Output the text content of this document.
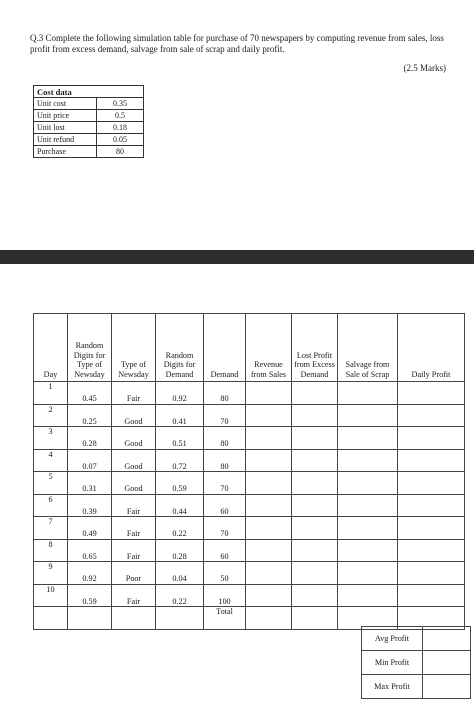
Q.3 Complete the following simulation table for purchase of 70 newspapers by computing revenue from sales, loss profit from excess demand, salvage from sale of scrap and daily profit.
(2.5 Marks)
Cost data	
Unit cost	0.35
Unit price	0.5
Unit lost	0.18
Unit refund	0.05
Purchase	80
Day	Random Digits for Type of Newsday	Type of Newsday	Random Digits for Demand	Demand	Revenue from Sales	Lost Profit from Excess Demand	Salvage from Sale of Scrap	Daily Profit
1	0.45	Fair	0.92	80				
2	0.25	Good	0.41	70				
3	0.28	Good	0.51	80				
4	0.07	Good	0.72	80				
5	0.31	Good	0.59	70				
6	0.39	Fair	0.44	60				
7	0.49	Fair	0.22	70				
8	0.65	Fair	0.28	60				
9	0.92	Poor	0.04	50				
10	0.59	Fair	0.22	100				
				Total				
Avg Profit	
Min Profit	
Max Profit	
